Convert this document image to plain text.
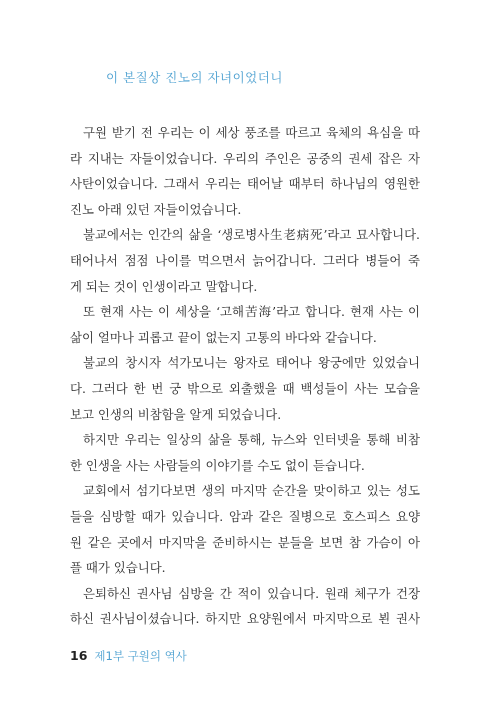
이 본질상 진노의 자녀이었더니

구원 받기 전 우리는 이 세상 풍조를 따르고 육체의 욕심을 따
라 지내는 자들이었습니다. 우리의 주인은 공중의 권세 잡은 자
사탄이었습니다. 그래서 우리는 태어날 때부터 하나님의 영원한
진노 아래 있던 자들이었습니다.

불교에서는 인간의 삶을 ‘생로병사生老病死’라고 묘사합니다.
태어나서 점점 나이를 먹으면서 늙어갑니다. 그러다 병들어 죽
게 되는 것이 인생이라고 말합니다.

또 현재 사는 이 세상을 ‘고해苦海’라고 합니다. 현재 사는 이
삶이 얼마나 괴롭고 끝이 없는지 고통의 바다와 같습니다.

불교의 창시자 석가모니는 왕자로 태어나 왕궁에만 있었습니
다. 그러다 한 번 궁 밖으로 외출했을 때 백성들이 사는 모습을
보고 인생의 비참함을 알게 되었습니다.

하지만 우리는 일상의 삶을 통해, 뉴스와 인터넷을 통해 비참
한 인생을 사는 사람들의 이야기를 수도 없이 듣습니다.

교회에서 섬기다보면 생의 마지막 순간을 맞이하고 있는 성도
들을 심방할 때가 있습니다. 암과 같은 질병으로 호스피스 요양
원 같은 곳에서 마지막을 준비하시는 분들을 보면 참 가슴이 아
플 때가 있습니다.

은퇴하신 권사님 심방을 간 적이 있습니다. 원래 체구가 건장
하신 권사님이셨습니다. 하지만 요양원에서 마지막으로 뵌 권사

16 제1부 구원의 역사
